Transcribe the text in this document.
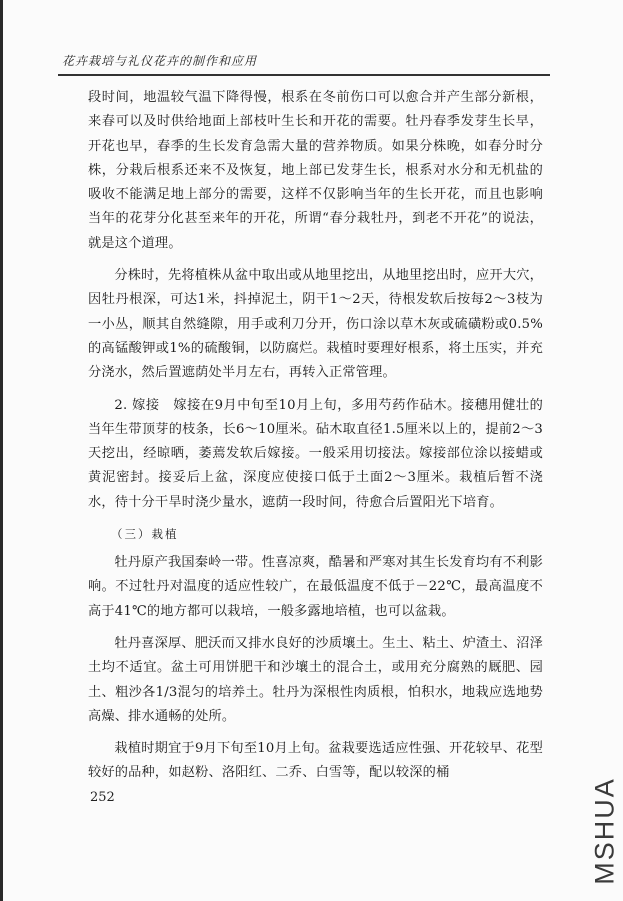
花卉栽培与礼仪花卉的制作和应用

段时间，地温较气温下降得慢，根系在冬前伤口可以愈合并产生部分新根，来春可以及时供给地面上部枝叶生长和开花的需要。牡丹春季发芽生长早，开花也早，春季的生长发育急需大量的营养物质。如果分株晚，如春分时分株，分栽后根系还来不及恢复，地上部已发芽生长，根系对水分和无机盐的吸收不能满足地上部分的需要，这样不仅影响当年的生长开花，而且也影响当年的花芽分化甚至来年的开花，所谓“春分栽牡丹，到老不开花”的说法，就是这个道理。

分株时，先将植株从盆中取出或从地里挖出，从地里挖出时，应开大穴，因牡丹根深，可达1米，抖掉泥土，阴干1～2天，待根发软后按每2～3枝为一小丛，顺其自然缝隙，用手或利刀分开，伤口涂以草木灰或硫磺粉或0.5%的高锰酸钾或1%的硫酸铜，以防腐烂。栽植时要理好根系，将土压实，并充分浇水，然后置遮荫处半月左右，再转入正常管理。

2. 嫁接　嫁接在9月中旬至10月上旬，多用芍药作砧木。接穗用健壮的当年生带顶芽的枝条，长6～10厘米。砧木取直径1.5厘米以上的，提前2～3天挖出，经晾晒，萎蔫发软后嫁接。一般采用切接法。嫁接部位涂以接蜡或黄泥密封。接妥后上盆，深度应使接口低于土面2～3厘米。栽植后暂不浇水，待十分干旱时浇少量水，遮荫一段时间，待愈合后置阳光下培育。

（三）栽植

牡丹原产我国秦岭一带。性喜凉爽，酷暑和严寒对其生长发育均有不利影响。不过牡丹对温度的适应性较广，在最低温度不低于－22℃，最高温度不高于41℃的地方都可以栽培，一般多露地培植，也可以盆栽。

牡丹喜深厚、肥沃而又排水良好的沙质壤土。生土、粘土、炉渣土、沼泽土均不适宜。盆土可用饼肥干和沙壤土的混合土，或用充分腐熟的厩肥、园土、粗沙各1/3混匀的培养土。牡丹为深根性肉质根，怕积水，地栽应选地势高燥、排水通畅的处所。

栽植时期宜于9月下旬至10月上旬。盆栽要选适应性强、开花较早、花型较好的品种，如赵粉、洛阳红、二乔、白雪等，配以较深的桶

252	MSHUA
